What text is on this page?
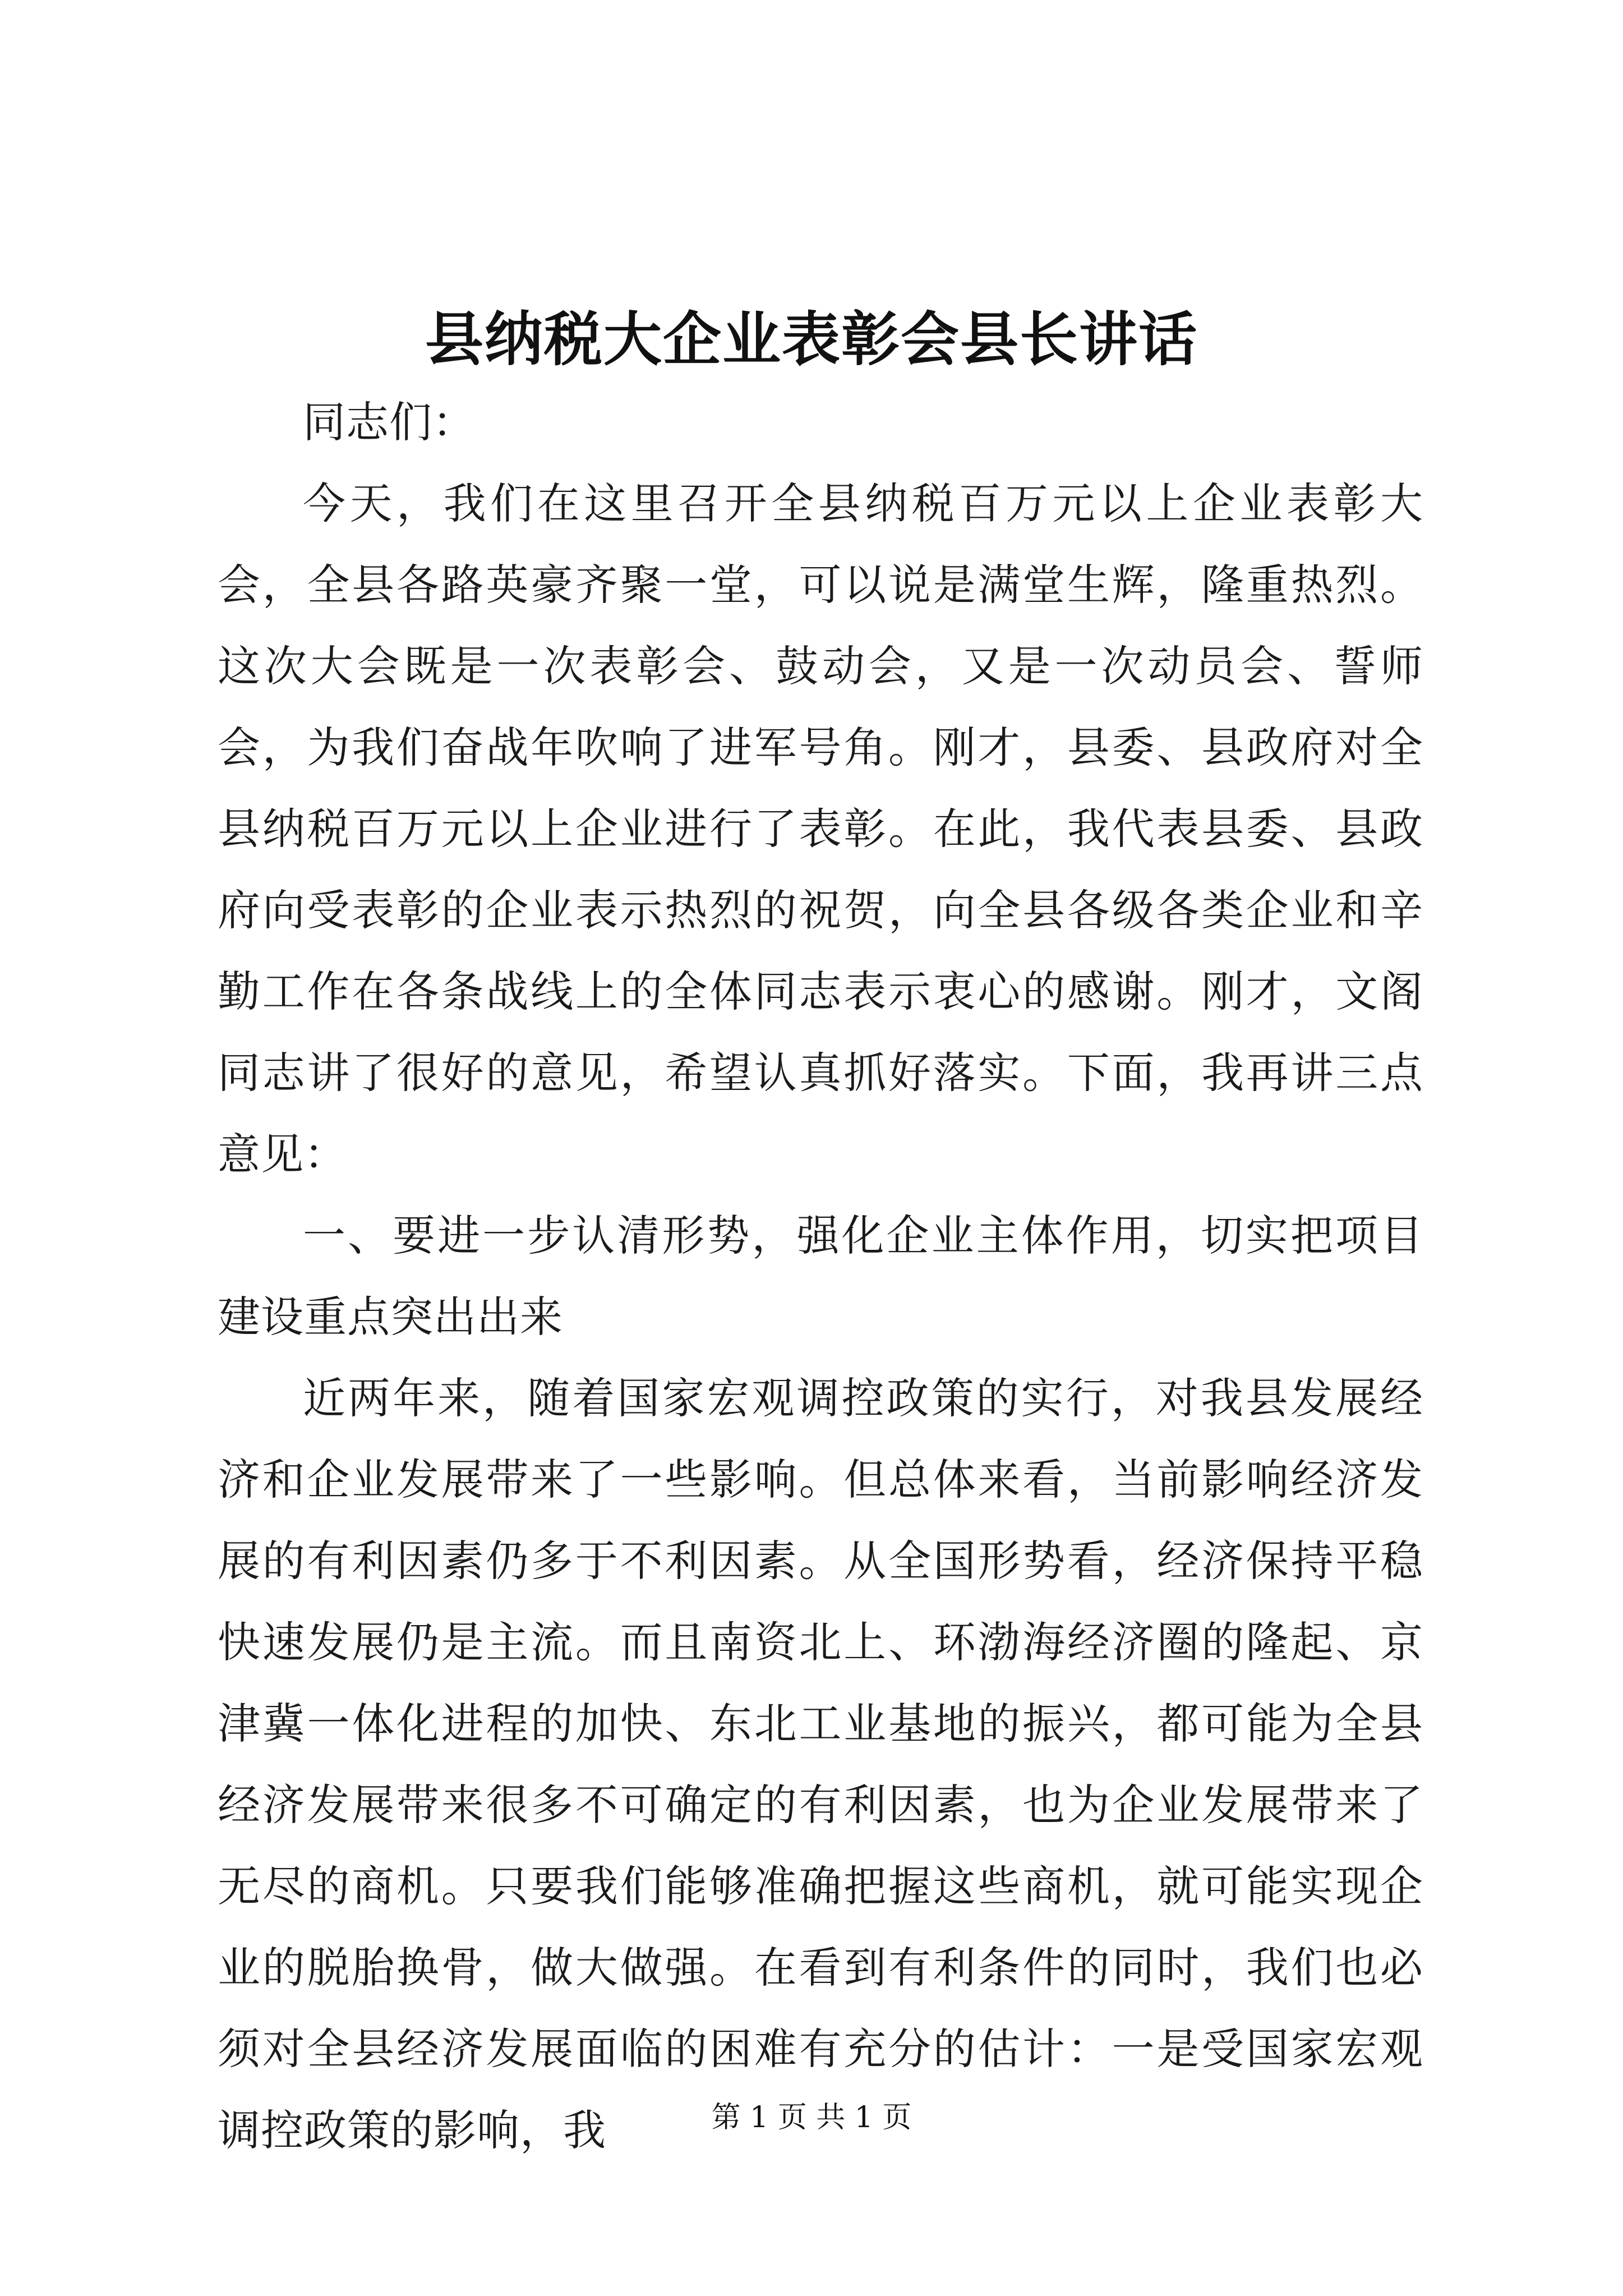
县纳税大企业表彰会县长讲话

同志们：

今天，我们在这里召开全县纳税百万元以上企业表彰大会，全县各路英豪齐聚一堂，可以说是满堂生辉，隆重热烈。这次大会既是一次表彰会、鼓动会，又是一次动员会、誓师会，为我们奋战年吹响了进军号角。刚才，县委、县政府对全县纳税百万元以上企业进行了表彰。在此，我代表县委、县政府向受表彰的企业表示热烈的祝贺，向全县各级各类企业和辛勤工作在各条战线上的全体同志表示衷心的感谢。刚才，文阁同志讲了很好的意见，希望认真抓好落实。下面，我再讲三点意见：

一、要进一步认清形势，强化企业主体作用，切实把项目建设重点突出出来

近两年来，随着国家宏观调控政策的实行，对我县发展经济和企业发展带来了一些影响。但总体来看，当前影响经济发展的有利因素仍多于不利因素。从全国形势看，经济保持平稳快速发展仍是主流。而且南资北上、环渤海经济圈的隆起、京津冀一体化进程的加快、东北工业基地的振兴，都可能为全县经济发展带来很多不可确定的有利因素，也为企业发展带来了无尽的商机。只要我们能够准确把握这些商机，就可能实现企业的脱胎换骨，做大做强。在看到有利条件的同时，我们也必须对全县经济发展面临的困难有充分的估计：一是受国家宏观调控政策的影响，我	第 1 页 共 1 页
